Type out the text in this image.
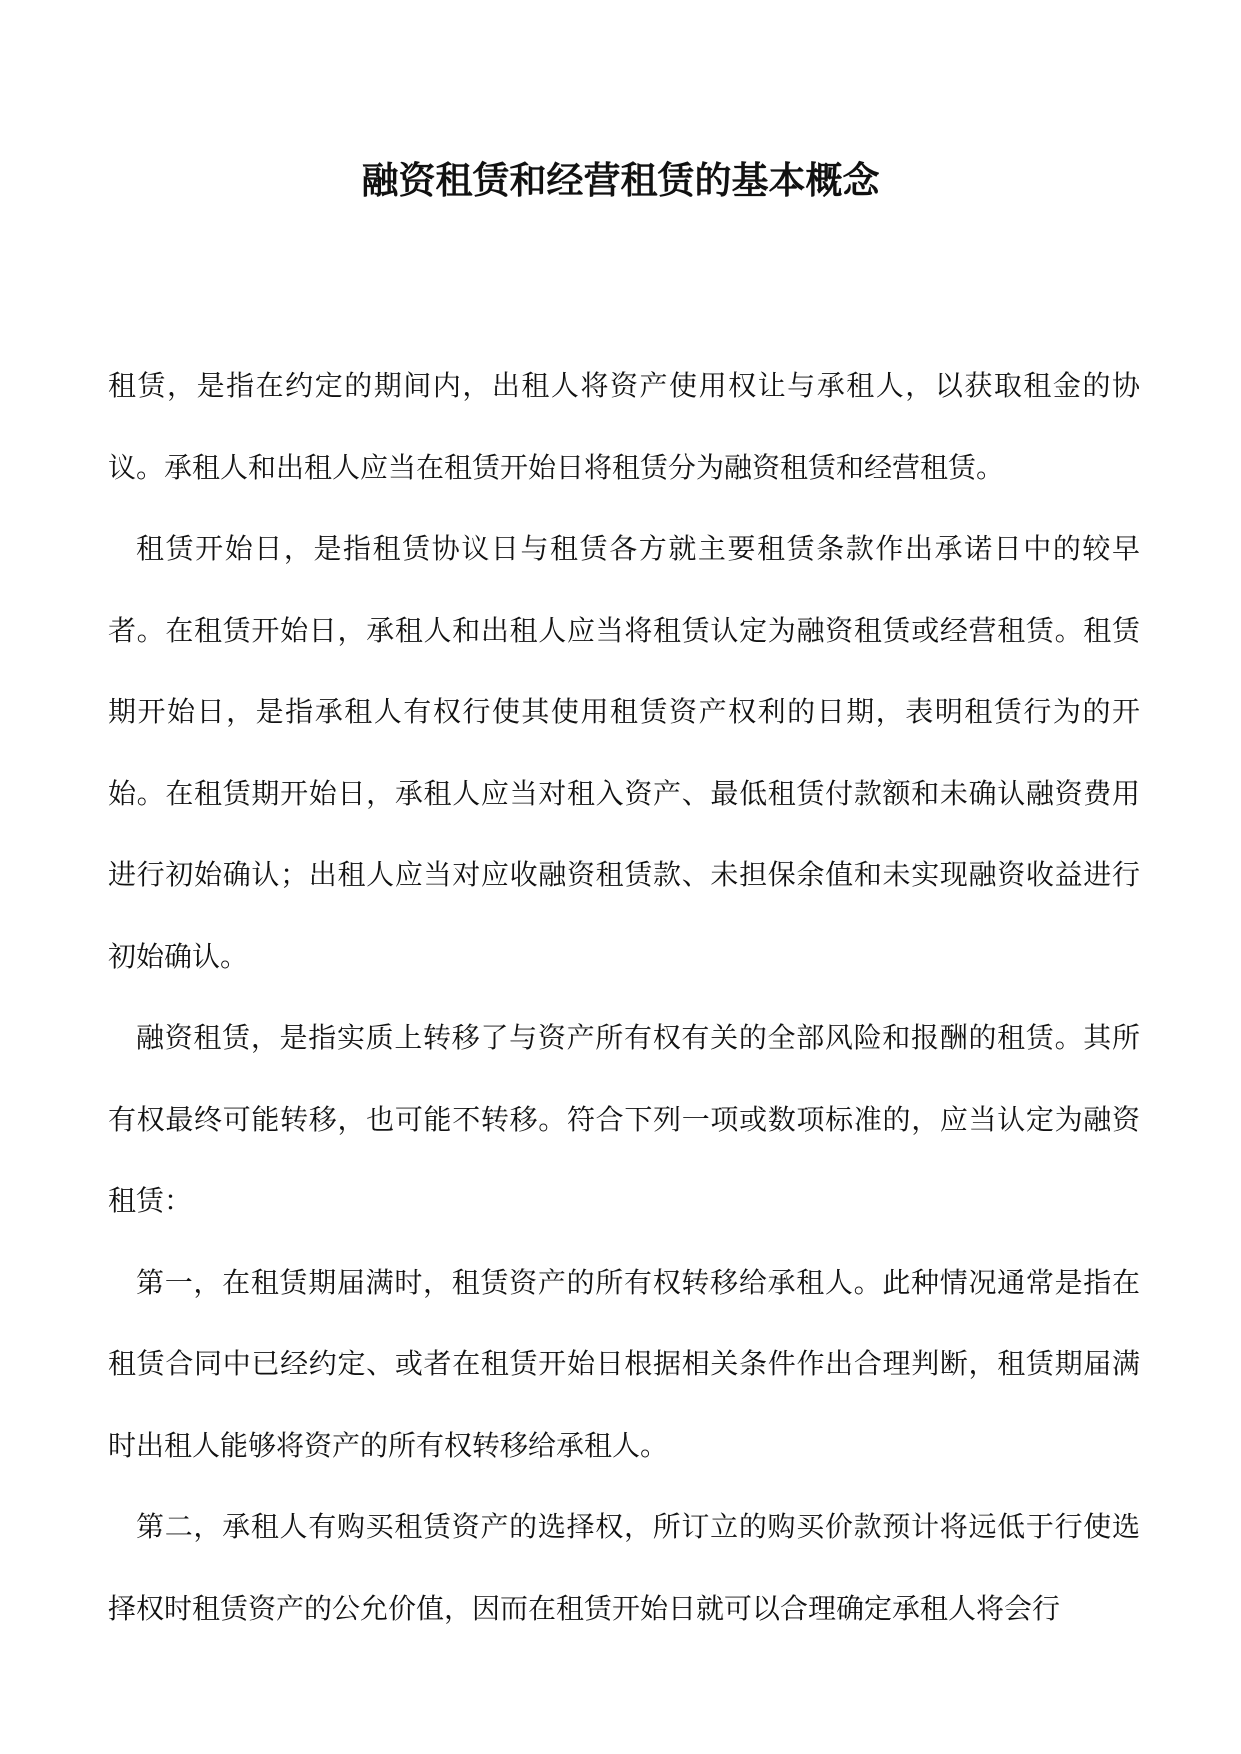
融资租赁和经营租赁的基本概念

租赁，是指在约定的期间内，出租人将资产使用权让与承租人，以获取租金的协议。承租人和出租人应当在租赁开始日将租赁分为融资租赁和经营租赁。

租赁开始日，是指租赁协议日与租赁各方就主要租赁条款作出承诺日中的较早者。在租赁开始日，承租人和出租人应当将租赁认定为融资租赁或经营租赁。租赁期开始日，是指承租人有权行使其使用租赁资产权利的日期，表明租赁行为的开始。在租赁期开始日，承租人应当对租入资产、最低租赁付款额和未确认融资费用进行初始确认；出租人应当对应收融资租赁款、未担保余值和未实现融资收益进行初始确认。

融资租赁，是指实质上转移了与资产所有权有关的全部风险和报酬的租赁。其所有权最终可能转移，也可能不转移。符合下列一项或数项标准的，应当认定为融资租赁：

第一，在租赁期届满时，租赁资产的所有权转移给承租人。此种情况通常是指在租赁合同中已经约定、或者在租赁开始日根据相关条件作出合理判断，租赁期届满时出租人能够将资产的所有权转移给承租人。

第二，承租人有购买租赁资产的选择权，所订立的购买价款预计将远低于行使选择权时租赁资产的公允价值，因而在租赁开始日就可以合理确定承租人将会行
